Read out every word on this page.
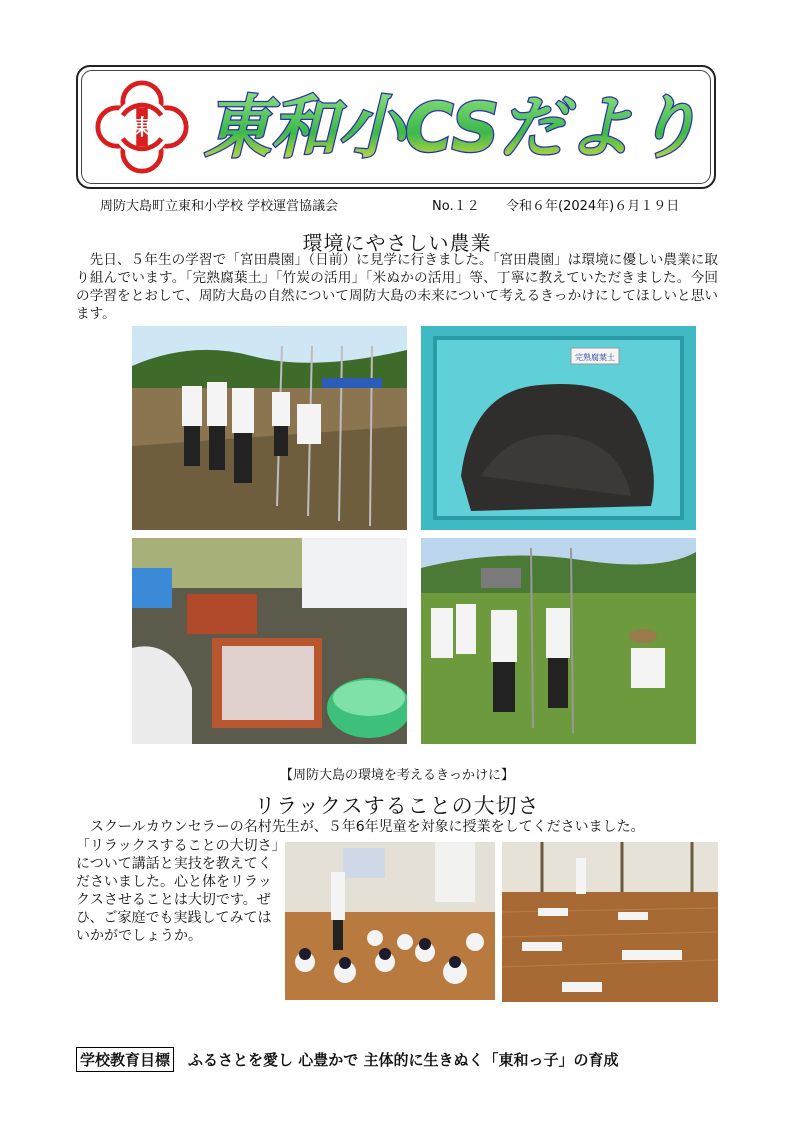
東 東和小CSだより
周防大島町立東和小学校 学校運営協議会	No.１２ 令和６年(2024年)６月１９日
環境にやさしい農業
　先日、５年生の学習で「宮田農園」（日前）に見学に行きました。「宮田農園」は環境に優しい農業に取り組んでいます。「完熟腐葉土」「竹炭の活用」「米ぬかの活用」等、丁寧に教えていただきました。今回の学習をとおして、周防大島の自然について周防大島の未来について考えるきっかけにしてほしいと思います。
完熟腐葉土
【周防大島の環境を考えるきっかけに】
リラックスすることの大切さ
　スクールカウンセラーの名村先生が、５年6年児童を対象に授業をしてくださいました。
「リラックスすることの大切さ」について講話と実技を教えてくださいました。心と体をリラックスさせることは大切です。ぜひ、ご家庭でも実践してみてはいかがでしょうか。
学校教育目標 ふるさとを愛し 心豊かで 主体的に生きぬく「東和っ子」の育成
